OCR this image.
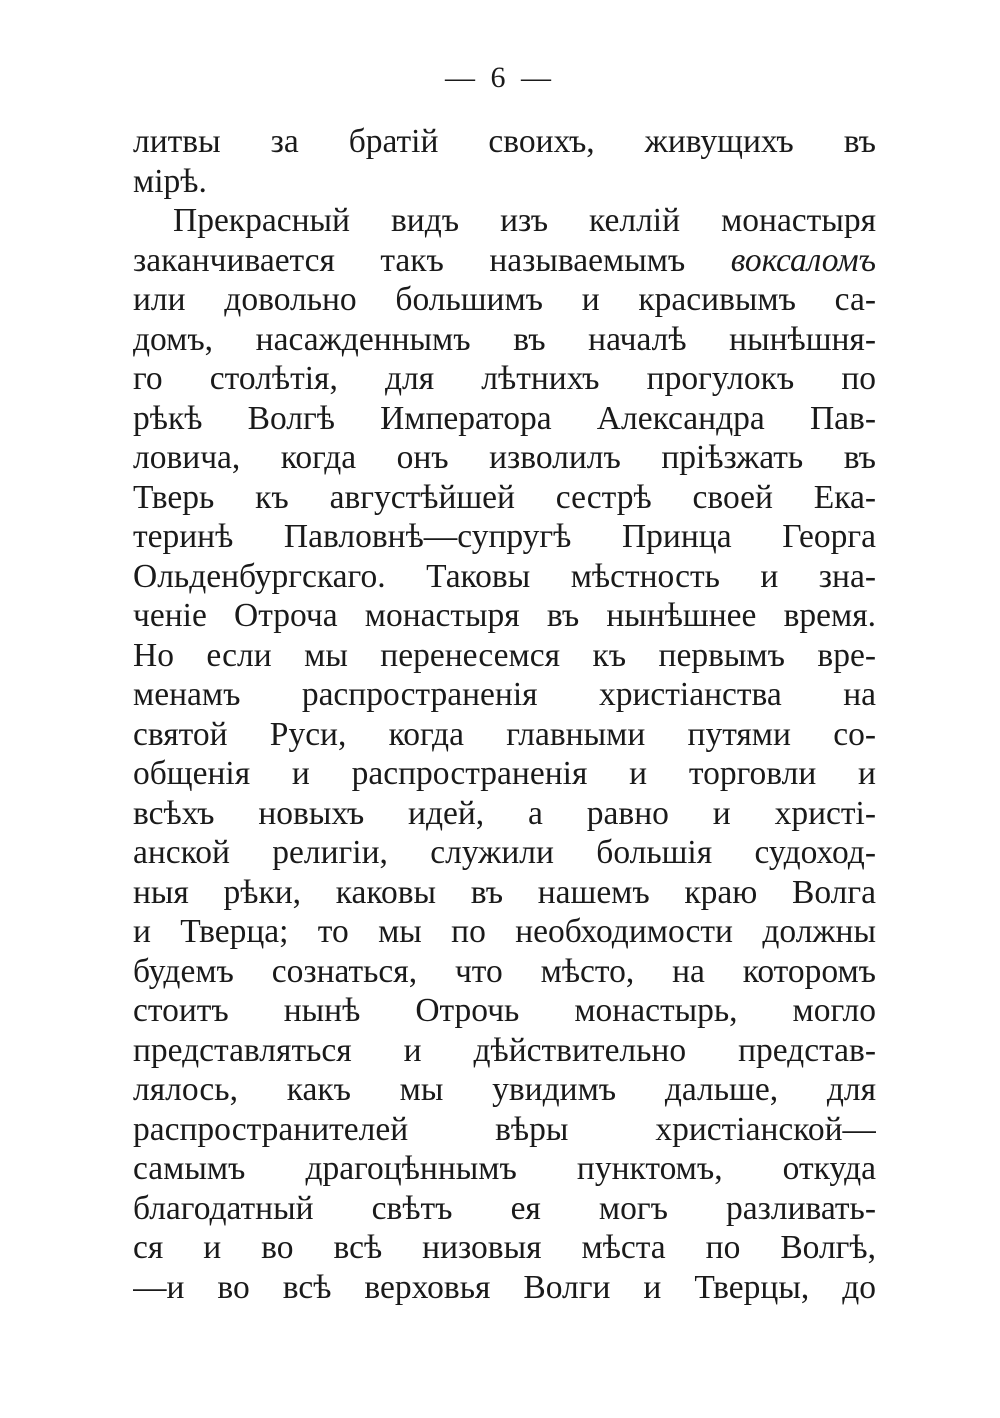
— 6 —
литвы за братій своихъ, живущихъ въ
мірѣ.
Прекрасный видъ изъ келлій монастыря
заканчивается такъ называемымъ воксаломъ
или довольно большимъ и красивымъ са-
домъ, насажденнымъ въ началѣ нынѣшня-
го столѣтія, для лѣтнихъ прогулокъ по
рѣкѣ Волгѣ Императора Александра Пав-
ловича, когда онъ изволилъ пріѣзжать въ
Тверь къ августѣйшей сестрѣ своей Ека-
теринѣ Павловнѣ—супругѣ Принца Георга
Ольденбургскаго. Таковы мѣстность и зна-
ченіе Отроча монастыря въ нынѣшнее время.
Но если мы перенесемся къ первымъ вре-
менамъ распространенія христіанства на
святой Руси, когда главными путями со-
общенія и распространенія и торговли и
всѣхъ новыхъ идей, а равно и христі-
анской религіи, служили большія судоход-
ныя рѣки, каковы въ нашемъ краю Волга
и Тверца; то мы по необходимости должны
будемъ сознаться, что мѣсто, на которомъ
стоитъ нынѣ Отрочь монастырь, могло
представляться и дѣйствительно представ-
лялось, какъ мы увидимъ дальше, для
распространителей вѣры христіанской—
самымъ драгоцѣннымъ пунктомъ, откуда
благодатный свѣтъ ея могъ разливать-
ся и во всѣ низовыя мѣста по Волгѣ,
—и во всѣ верховья Волги и Тверцы, до
